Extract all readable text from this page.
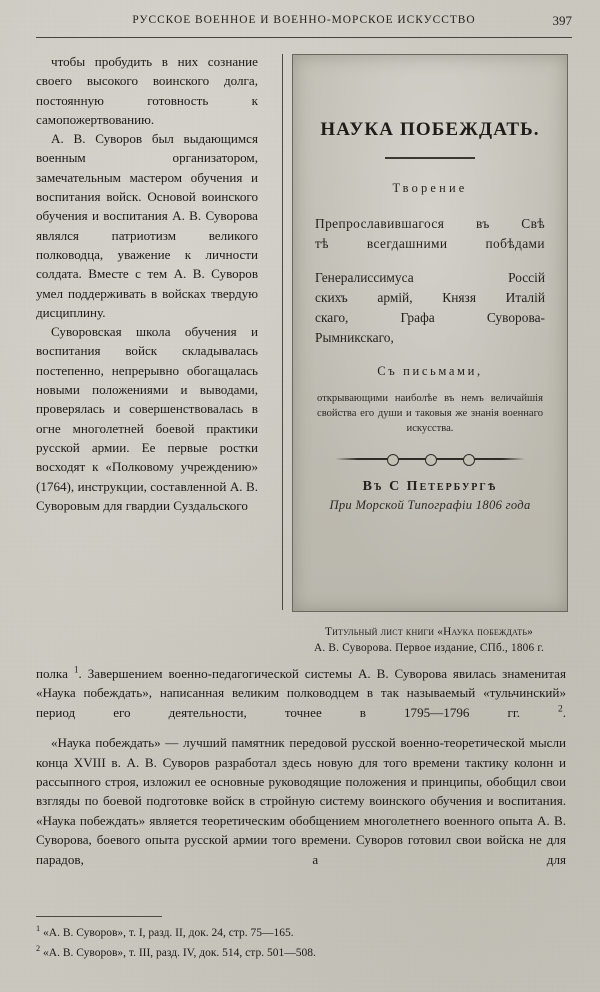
РУССКОЕ ВОЕННОЕ И ВОЕННО-МОРСКОЕ ИСКУССТВО	397

чтобы пробудить в них сознание своего высокого воинского долга, постоянную готовность к самопожертвованию.

А. В. Суворов был выдающимся военным организатором, замечательным мастером обучения и воспитания войск. Основой воинского обучения и воспитания А. В. Суворова являлся патриотизм великого полководца, уважение к личности солдата. Вместе с тем А. В. Суворов умел поддерживать в войсках твердую дисциплину.

Суворовская школа обучения и воспитания войск складывалась постепенно, непрерывно обогащалась новыми положениями и выводами, проверялась и совершенствовалась в огне многолетней боевой практики русской армии. Ее первые ростки восходят к «Полковому учреждению» (1764), инструкции, составленной А. В. Суворовым для гвардии Суздальского

НАУКА ПОБЕЖДАТЬ.

Творение

Препрославившагося въ Свѣ
тѣ всегдашними побѣдами
Генералиссимуса Россій
скихъ армій, Князя Италій
скаго, Графа Суворова-
Рымникскаго,

Съ письмами,

открывающими наиболѣе въ немъ величайшія свойства его души и таковыя же знанія военнаго искусства.

Въ С Петербургѣ

При Морской Типографіи 1806 года

Титульный лист книги «Наука побеждать»
А. В. Суворова. Первое издание, СПб., 1806 г.

полка $^1$. Завершением военно-педагогической системы А. В. Суворова явилась знаменитая «Наука побеждать», написанная великим полководцем в так называемый «тульчинский» период его деятельности, точнее в 1795—1796 гг. $^2$.

«Наука побеждать» — лучший памятник передовой русской военно-теоретической мысли конца XVIII в. А. В. Суворов разработал здесь новую для того времени тактику колонн и рассыпного строя, изложил ее основные руководящие положения и принципы, обобщил свои взгляды по боевой подготовке войск в стройную систему воинского обучения и воспитания. «Наука побеждать» является теоретическим обобщением многолетнего военного опыта А. В. Суворова, боевого опыта русской армии того времени. Суворов готовил свои войска не для парадов, а для

$^1$ «А. В. Суворов», т. I, разд. II, док. 24, стр. 75—165.

$^2$ «А. В. Суворов», т. III, разд. IV, док. 514, стр. 501—508.
